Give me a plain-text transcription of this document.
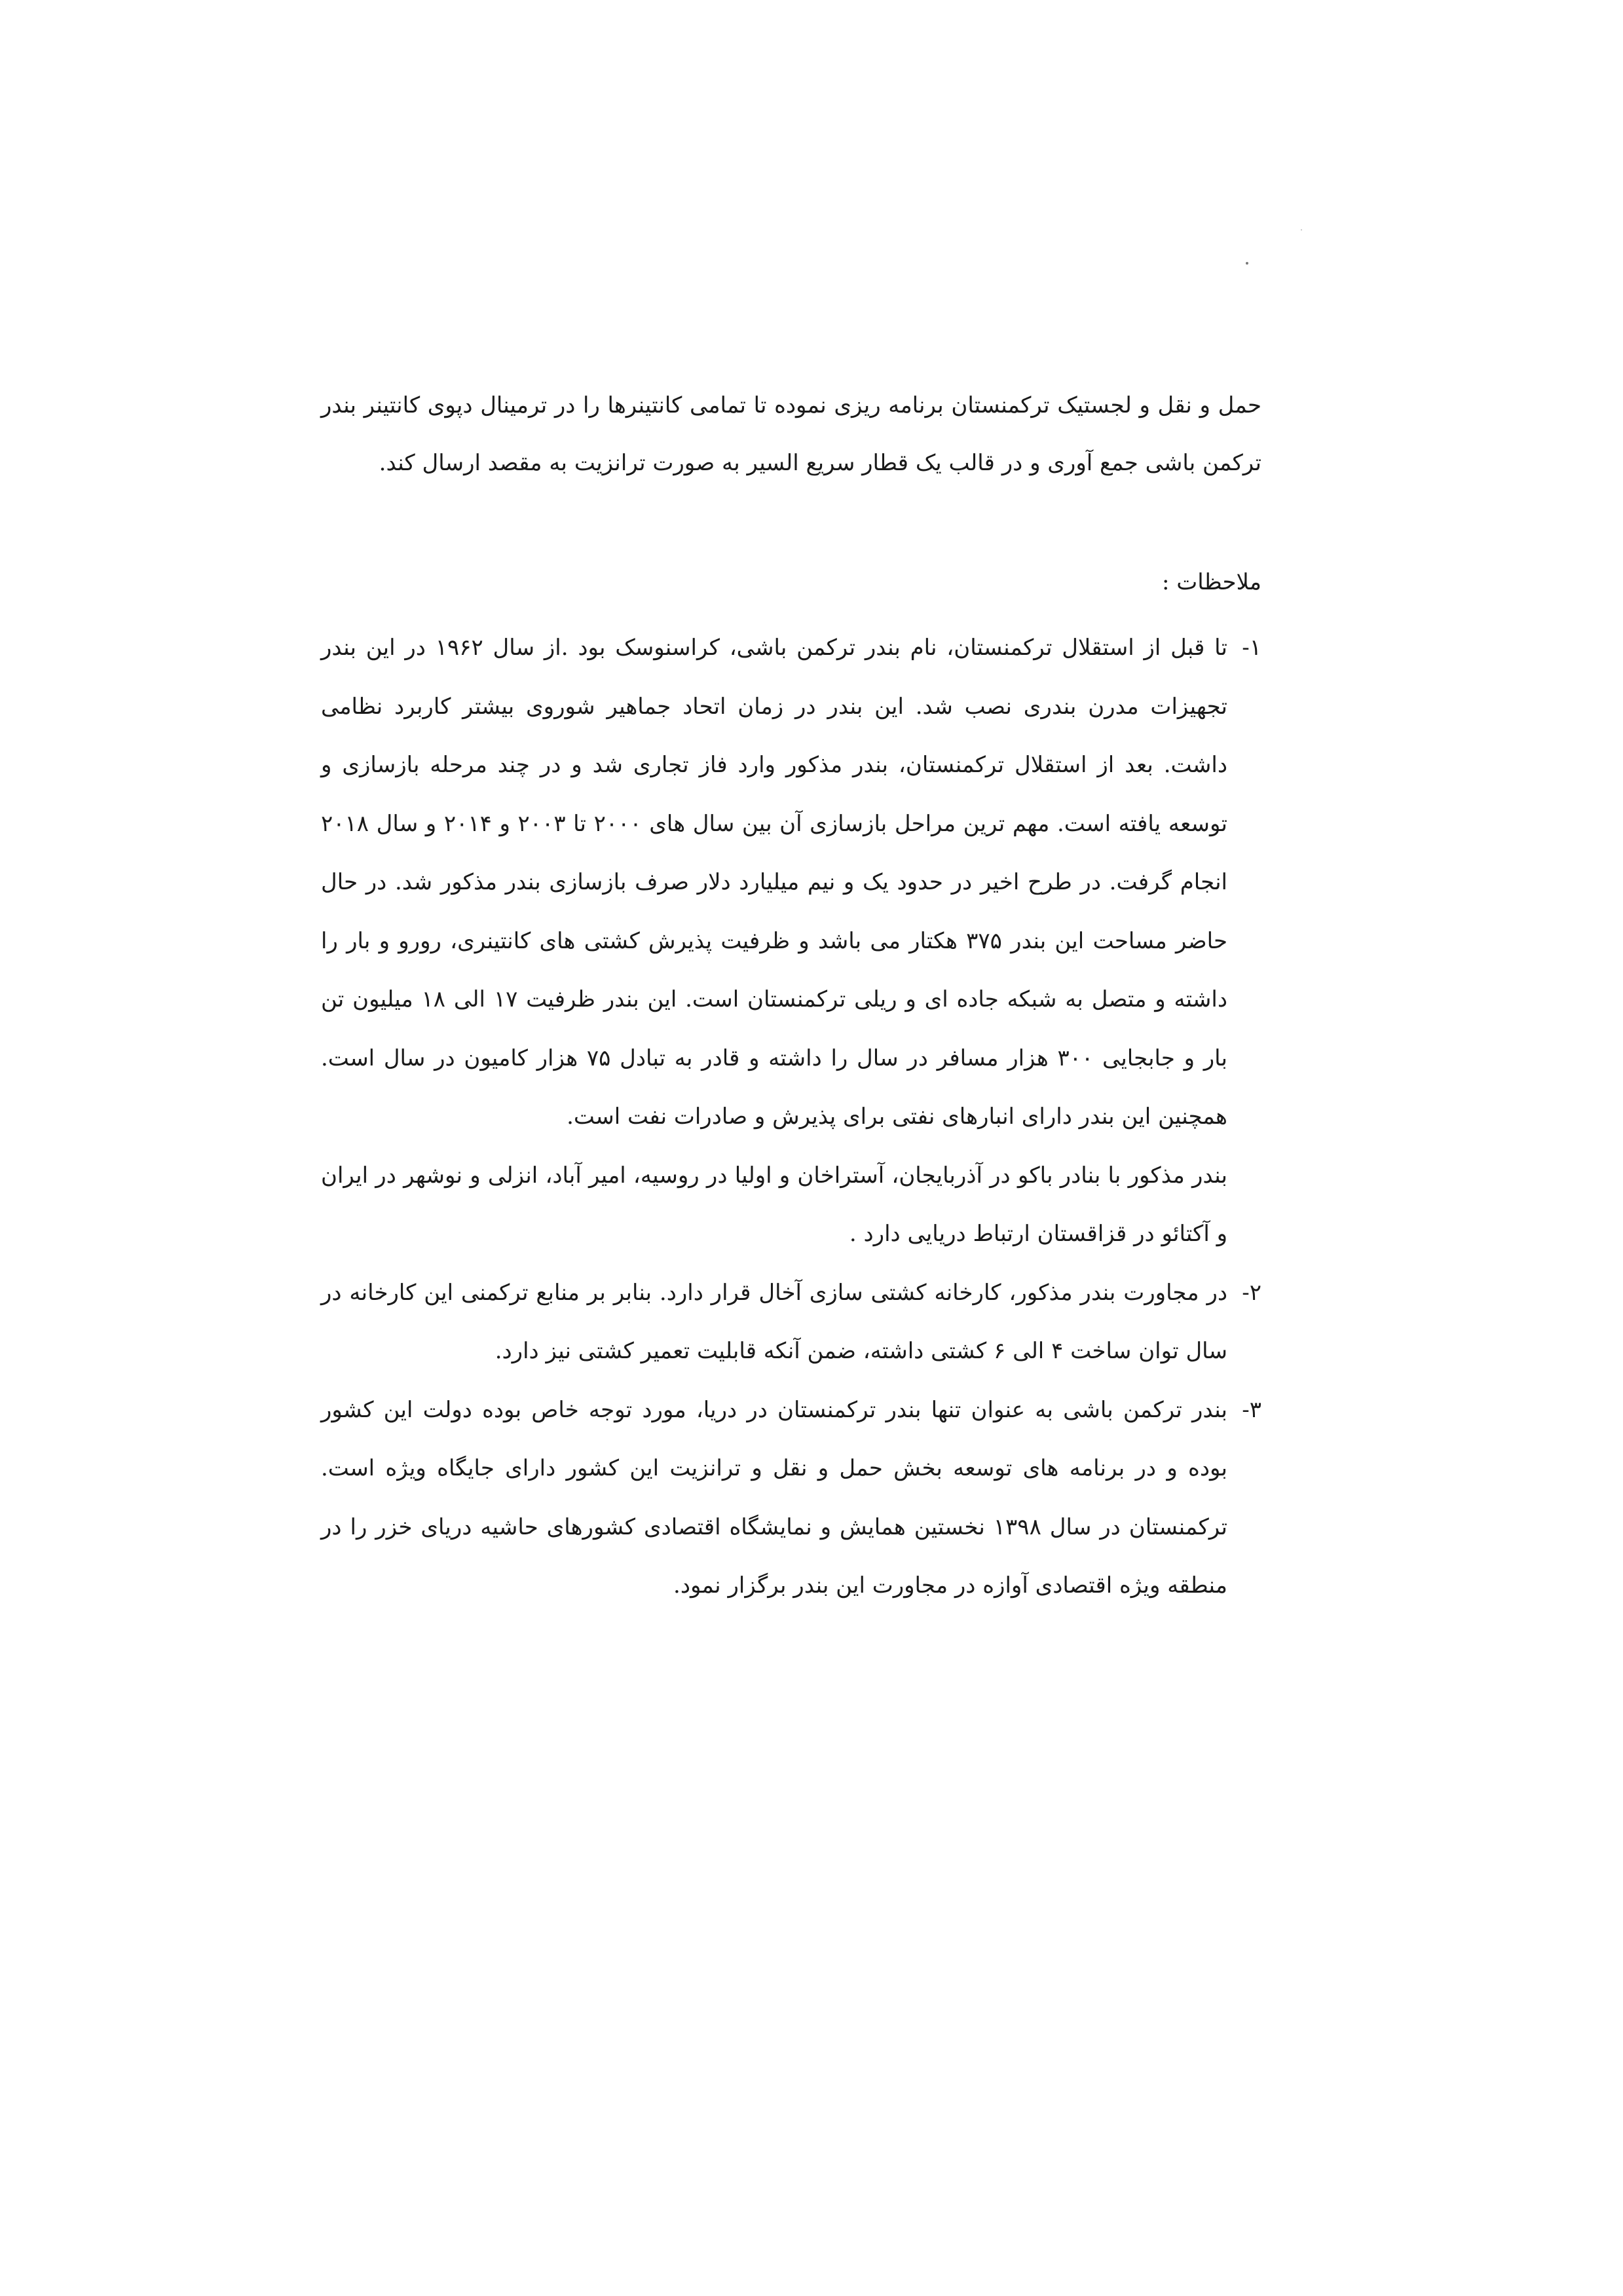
حمل و نقل و لجستیک ترکمنستان برنامه ریزی نموده تا تمامی کانتینرها را در ترمینال دپوی کانتینر بندر ترکمن باشی جمع آوری و در قالب یک قطار سریع السیر به صورت ترانزیت به مقصد ارسال کند.

ملاحظات :
۱-
تا قبل از استقلال ترکمنستان، نام بندر ترکمن باشی، کراسنوسک بود .از سال ۱۹۶۲ در این بندر تجهیزات مدرن بندری نصب شد. این بندر در زمان اتحاد جماهیر شوروی بیشتر کاربرد نظامی داشت. بعد از استقلال ترکمنستان، بندر مذکور وارد فاز تجاری شد و در چند مرحله بازسازی و توسعه یافته است. مهم ترین مراحل بازسازی آن بین سال های ۲۰۰۰ تا ۲۰۰۳ و ۲۰۱۴ و سال ۲۰۱۸ انجام گرفت. در طرح اخیر در حدود یک و نیم میلیارد دلار صرف بازسازی بندر مذکور شد. در حال حاضر مساحت این بندر ۳۷۵ هکتار می باشد و ظرفیت پذیرش کشتی های کانتینری، رورو و بار را داشته و متصل به شبکه جاده ای و ریلی ترکمنستان است. این بندر ظرفیت ۱۷ الی ۱۸ میلیون تن بار و جابجایی ۳۰۰ هزار مسافر در سال را داشته و قادر به تبادل ۷۵ هزار کامیون در سال است. همچنین این بندر دارای انبارهای نفتی برای پذیرش و صادرات نفت است.
بندر مذکور با بنادر باکو در آذربایجان، آستراخان و اولیا در روسیه، امیر آباد، انزلی و نوشهر در ایران و آکتائو در قزاقستان ارتباط دریایی دارد .
۲-
در مجاورت بندر مذکور، کارخانه کشتی سازی آخال قرار دارد. بنابر بر منابع ترکمنی این کارخانه در سال توان ساخت ۴ الی ۶ کشتی داشته، ضمن آنکه قابلیت تعمیر کشتی نیز دارد.
۳-
بندر ترکمن باشی به عنوان تنها بندر ترکمنستان در دریا، مورد توجه خاص بوده دولت این کشور بوده و در برنامه های توسعه بخش حمل و نقل و ترانزیت این کشور دارای جایگاه ویژه است. ترکمنستان در سال ۱۳۹۸ نخستین همایش و نمایشگاه اقتصادی کشورهای حاشیه دریای خزر را در منطقه ویژه اقتصادی آوازه در مجاورت این بندر برگزار نمود.
